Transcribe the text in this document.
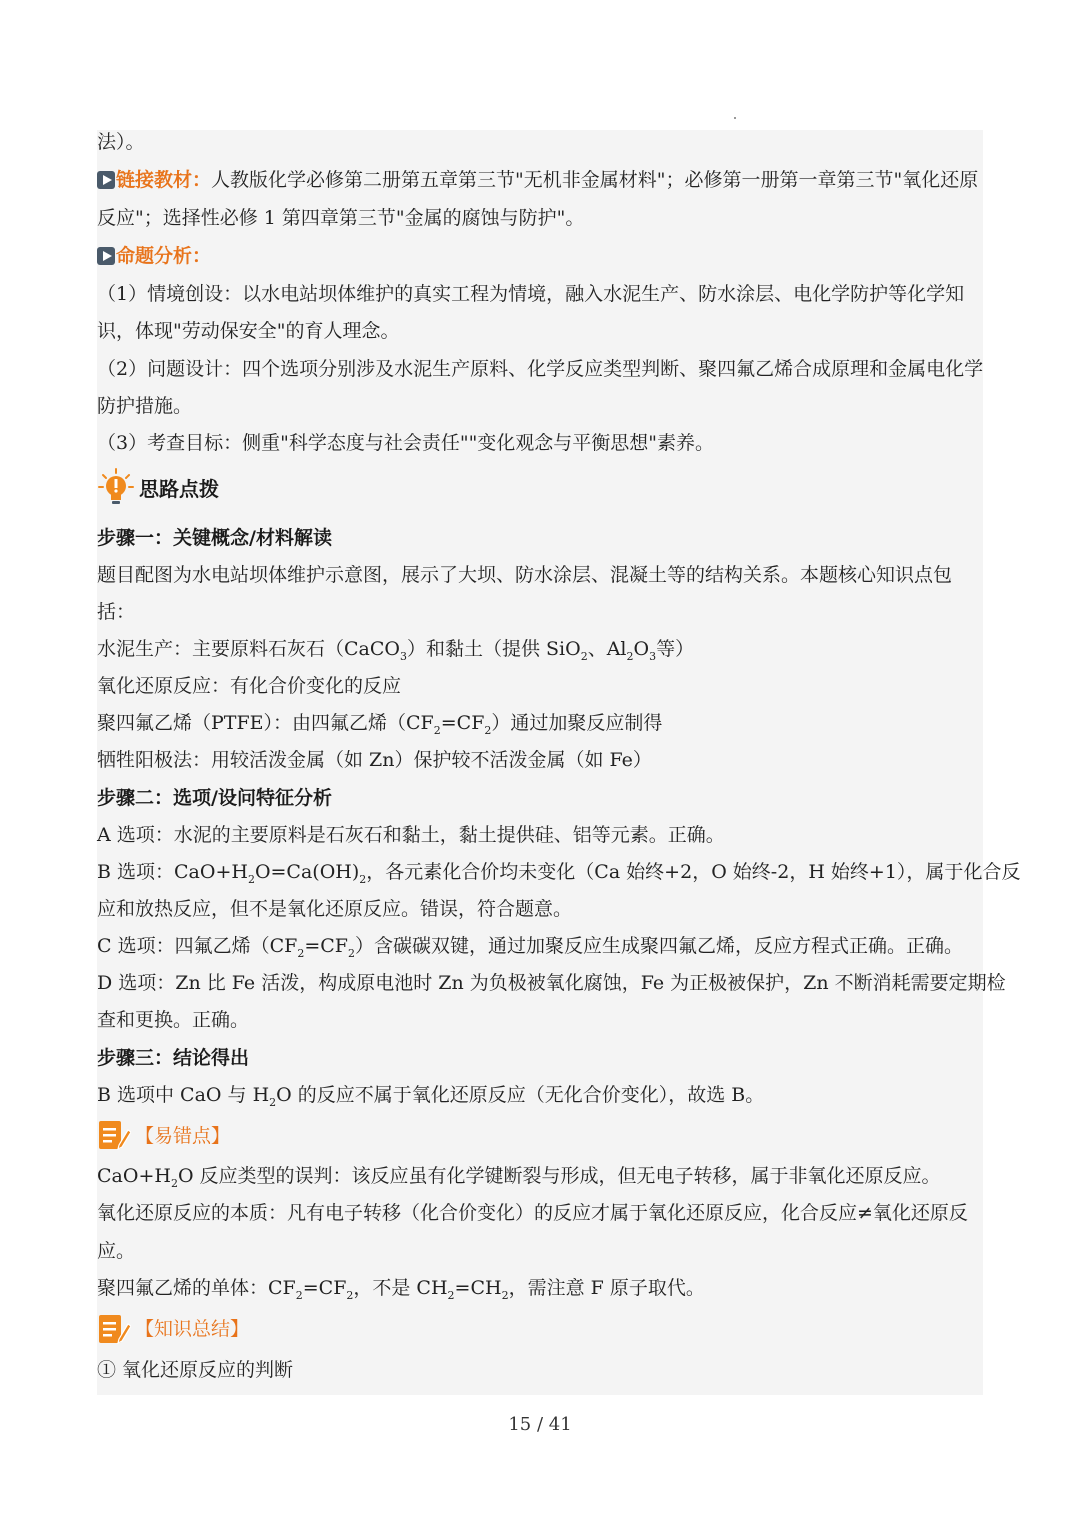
法）。
链接教材：人教版化学必修第二册第五章第三节"无机非金属材料"；必修第一册第一章第三节"氧化还原
反应"；选择性必修 1 第四章第三节"金属的腐蚀与防护"。
命题分析：
（1）情境创设：以水电站坝体维护的真实工程为情境，融入水泥生产、防水涂层、电化学防护等化学知
识，体现"劳动保安全"的育人理念。
（2）问题设计：四个选项分别涉及水泥生产原料、化学反应类型判断、聚四氟乙烯合成原理和金属电化学
防护措施。
（3）考查目标：侧重"科学态度与社会责任""变化观念与平衡思想"素养。
思路点拨
步骤一：关键概念/材料解读
题目配图为水电站坝体维护示意图，展示了大坝、防水涂层、混凝土等的结构关系。本题核心知识点包
括：
水泥生产：主要原料石灰石（CaCO$_3$）和黏土（提供 SiO$_2$、$Al_2O_3$等）
氧化还原反应：有化合价变化的反应
聚四氟乙烯（PTFE）：由四氟乙烯$(CF_2=CF_2)$通过加聚反应制得
牺牲阳极法：用较活泼金属（如 Zn）保护较不活泼金属（如 Fe）
步骤二：选项/设问特征分析
A 选项：水泥的主要原料是石灰石和黏土，黏土提供硅、铝等元素。正确。
B 选项：$CaO+H_2O=Ca(OH)_2$，各元素化合价均未变化（Ca 始终+2，O 始终-2，H 始终+1），属于化合反
应和放热反应，但不是氧化还原反应。错误，符合题意。
C 选项：四氟乙烯$(CF_2=CF_2)$含碳碳双键，通过加聚反应生成聚四氟乙烯，反应方程式正确。正确。
D 选项：Zn 比 Fe 活泼，构成原电池时 Zn 为负极被氧化腐蚀，Fe 为正极被保护，Zn 不断消耗需要定期检
查和更换。正确。
步骤三：结论得出
B 选项中 CaO 与 $H_2O$ 的反应不属于氧化还原反应（无化合价变化），故选 B。
【易错点】
$CaO+H_2O$ 反应类型的误判：该反应虽有化学键断裂与形成，但无电子转移，属于非氧化还原反应。
氧化还原反应的本质：凡有电子转移（化合价变化）的反应才属于氧化还原反应，化合反应≠氧化还原反
应。
聚四氟乙烯的单体：$CF_2=CF_2$，不是 $CH_2=CH_2$，需注意 F 原子取代。
【知识总结】
① 氧化还原反应的判断
15 / 41
